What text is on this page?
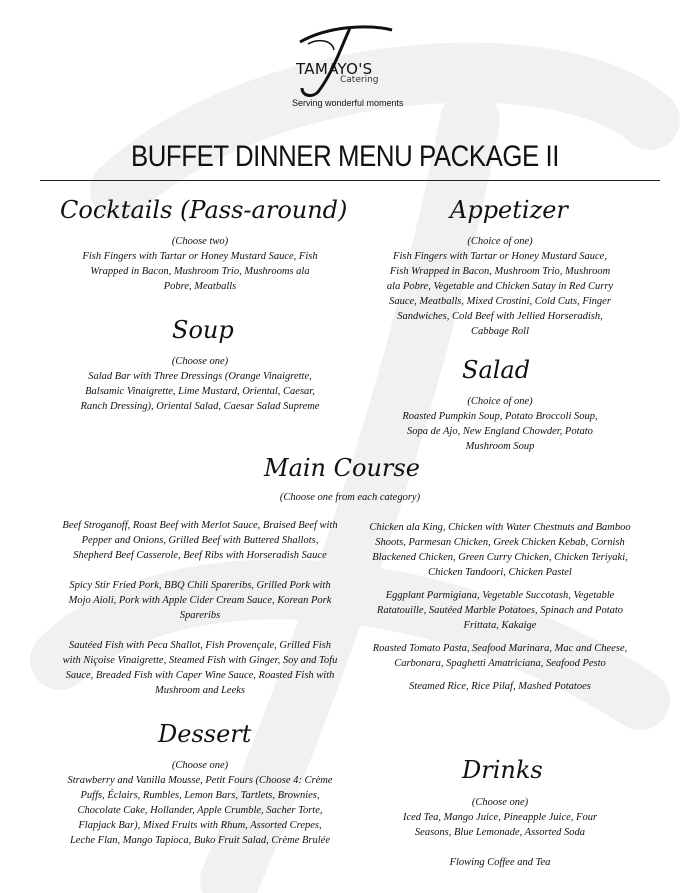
TAMAYO'S
Catering
Serving wonderful moments
BUFFET DINNER MENU PACKAGE II
Cocktails (Pass-around)

(Choose two)

Fish Fingers with Tartar or Honey Mustard Sauce, Fish Wrapped in Bacon, Mushroom Trio, Mushrooms ala Pobre, Meatballs

Appetizer

(Choice of one)

Fish Fingers with Tartar or Honey Mustard Sauce, Fish Wrapped in Bacon, Mushroom Trio, Mushroom ala Pobre, Vegetable and Chicken Satay in Red Curry Sauce, Meatballs, Mixed Crostini, Cold Cuts, Finger Sandwiches, Cold Beef with Jellied Horseradish, Cabbage Roll

Soup

(Choose one)

Salad Bar with Three Dressings (Orange Vinaigrette, Balsamic Vinaigrette, Lime Mustard, Oriental, Caesar, Ranch Dressing), Oriental Salad, Caesar Salad Supreme

Salad

(Choice of one)

Roasted Pumpkin Soup, Potato Broccoli Soup, Sopa de Ajo, New England Chowder, Potato Mushroom Soup

Main Course
(Choose one from each category)

Beef Stroganoff, Roast Beef with Merlot Sauce, Braised Beef with Pepper and Onions, Grilled Beef with Buttered Shallots, Shepherd Beef Casserole, Beef Ribs with Horseradish Sauce

Spicy Stir Fried Pork, BBQ Chili Spareribs, Grilled Pork with Mojo Aioli, Pork with Apple Cider Cream Sauce, Korean Pork Spareribs

Sautéed Fish with Peca Shallot, Fish Provençale, Grilled Fish with Niçoise Vinaigrette, Steamed Fish with Ginger, Soy and Tofu Sauce, Breaded Fish with Caper Wine Sauce, Roasted Fish with Mushroom and Leeks

Chicken ala King, Chicken with Water Chestnuts and Bamboo Shoots, Parmesan Chicken, Greek Chicken Kebab, Cornish Blackened Chicken, Green Curry Chicken, Chicken Teriyaki, Chicken Tandoori, Chicken Pastel

Eggplant Parmigiana, Vegetable Succotash, Vegetable Ratatouille, Sautéed Marble Potatoes, Spinach and Potato Frittata, Kakaige

Roasted Tomato Pasta, Seafood Marinara, Mac and Cheese, Carbonara, Spaghetti Amatriciana, Seafood Pesto

Steamed Rice, Rice Pilaf, Mashed Potatoes

Dessert

(Choose one)

Strawberry and Vanilla Mousse, Petit Fours (Choose 4: Crème Puffs, Éclairs, Rumbles, Lemon Bars, Tartlets, Brownies, Chocolate Cake, Hollander, Apple Crumble, Sacher Torte, Flapjack Bar), Mixed Fruits with Rhum, Assorted Crepes, Leche Flan, Mango Tapioca, Buko Fruit Salad, Crème Brulée

Drinks

(Choose one)

Iced Tea, Mango Juice, Pineapple Juice, Four Seasons, Blue Lemonade, Assorted Soda

Flowing Coffee and Tea
